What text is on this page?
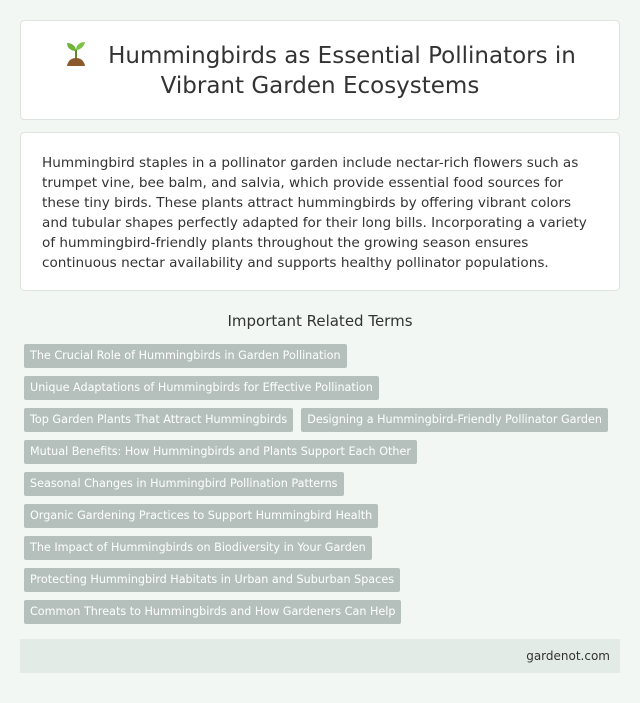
Hummingbirds as Essential Pollinators in Vibrant Garden Ecosystems

Hummingbird staples in a pollinator garden include nectar-rich flowers such as trumpet vine, bee balm, and salvia, which provide essential food sources for these tiny birds. These plants attract hummingbirds by offering vibrant colors and tubular shapes perfectly adapted for their long bills. Incorporating a variety of hummingbird-friendly plants throughout the growing season ensures continuous nectar availability and supports healthy pollinator populations.

Important Related Terms
The Crucial Role of Hummingbirds in Garden Pollination
Unique Adaptations of Hummingbirds for Effective Pollination
Top Garden Plants That Attract Hummingbirds	Designing a Hummingbird-Friendly Pollinator Garden
Mutual Benefits: How Hummingbirds and Plants Support Each Other
Seasonal Changes in Hummingbird Pollination Patterns
Organic Gardening Practices to Support Hummingbird Health
The Impact of Hummingbirds on Biodiversity in Your Garden
Protecting Hummingbird Habitats in Urban and Suburban Spaces
Common Threats to Hummingbirds and How Gardeners Can Help
gardenot.com
